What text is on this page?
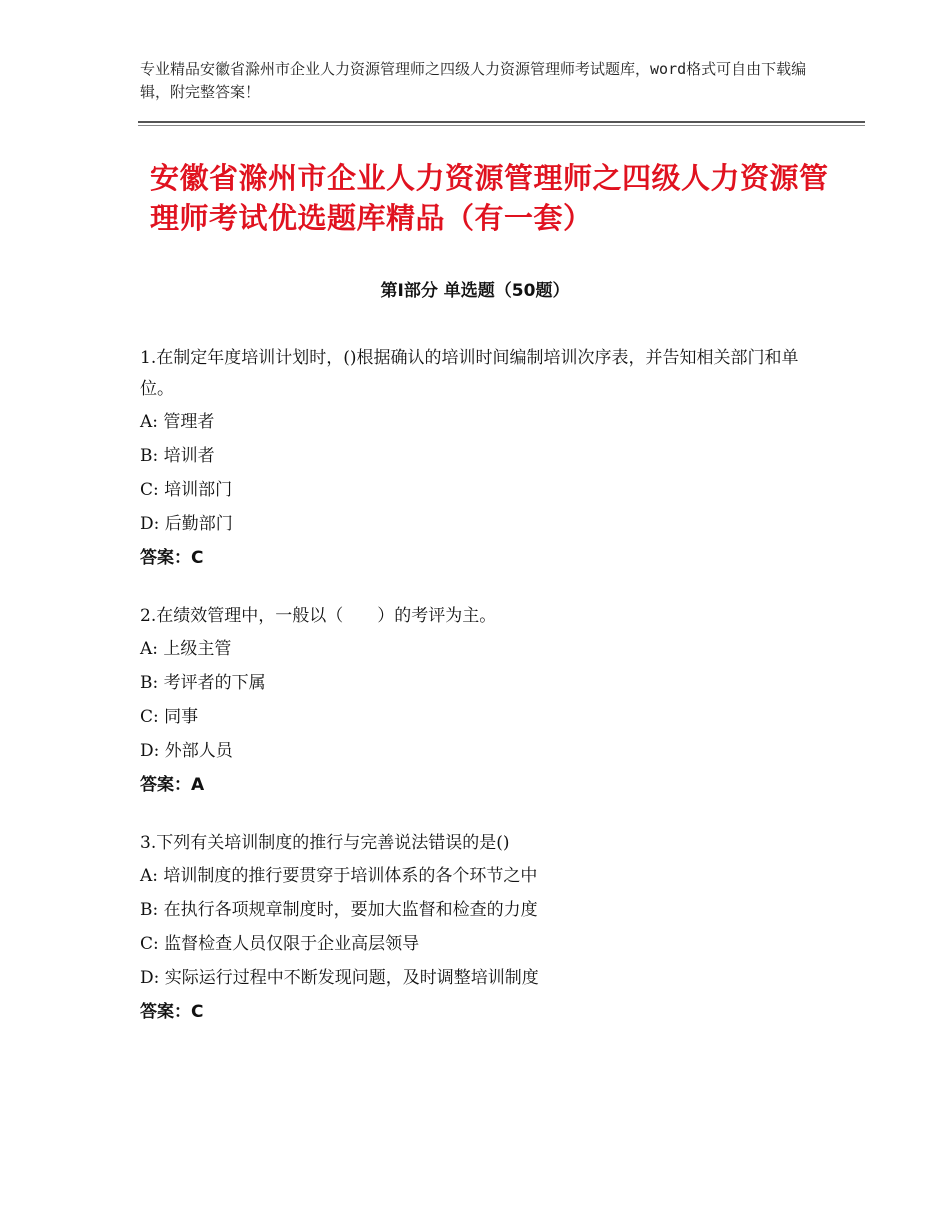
专业精品安徽省滁州市企业人力资源管理师之四级人力资源管理师考试题库，word格式可自由下载编辑，附完整答案！
安徽省滁州市企业人力资源管理师之四级人力资源管理师考试优选题库精品（有一套）
第Ⅰ部分 单选题（50题）

1.在制定年度培训计划时，()根据确认的培训时间编制培训次序表，并告知相关部门和单位。

A: 管理者

B: 培训者

C: 培训部门

D: 后勤部门

答案：C

2.在绩效管理中，一般以（　　）的考评为主。

A: 上级主管

B: 考评者的下属

C: 同事

D: 外部人员

答案：A

3.下列有关培训制度的推行与完善说法错误的是()

A: 培训制度的推行要贯穿于培训体系的各个环节之中

B: 在执行各项规章制度时，要加大监督和检查的力度

C: 监督检查人员仅限于企业高层领导

D: 实际运行过程中不断发现问题，及时调整培训制度

答案：C
